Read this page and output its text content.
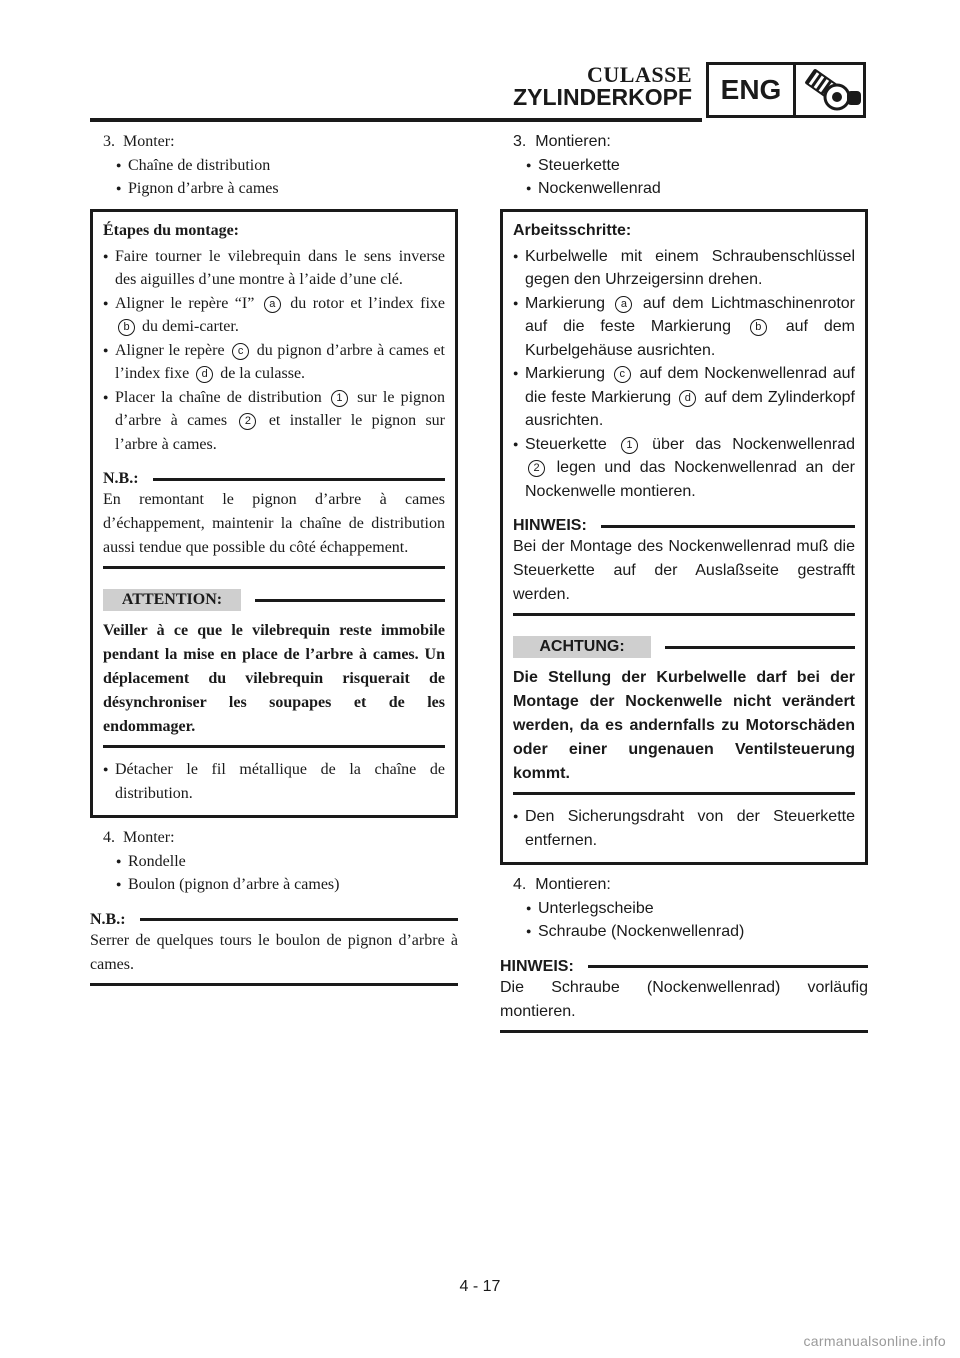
CULASSE
ZYLINDERKOPF	ENG
3.  Monter:
● Chaîne de distribution
● Pignon d’arbre à cames
Étapes du montage:
● Faire tourner le vilebrequin dans le sens inverse des aiguilles d’une montre à l’aide d’une clé.
● Aligner le repère “I” a du rotor et l’index fixe b du demi-carter.
● Aligner le repère c du pignon d’arbre à cames et l’index fixe d de la culasse.
● Placer la chaîne de distribution 1 sur le pignon d’arbre à cames 2 et installer le pignon sur l’arbre à cames.
N.B.:
En remontant le pignon d’arbre à cames d’échappement, maintenir la chaîne de distribution aussi tendue que possible du côté échappement.
ATTENTION:
Veiller à ce que le vilebrequin reste immobile pendant la mise en place de l’arbre à cames. Un déplacement du vilebrequin risquerait de désynchroniser les soupapes et de les endommager.
● Détacher le fil métallique de la chaîne de distribution.
4.  Monter:
● Rondelle
● Boulon (pignon d’arbre à cames)
N.B.:
Serrer de quelques tours le boulon de pignon d’arbre à cames.
3.  Montieren:
● Steuerkette
● Nockenwellenrad
Arbeitsschritte:
● Kurbelwelle mit einem Schraubenschlüssel gegen den Uhrzeigersinn drehen.
● Markierung a auf dem Lichtmaschinenrotor auf die feste Markierung b auf dem Kurbelgehäuse ausrichten.
● Markierung c auf dem Nockenwellenrad auf die feste Markierung d auf dem Zylinderkopf ausrichten.
● Steuerkette 1 über das Nockenwellenrad 2 legen und das Nockenwellenrad an der Nockenwelle montieren.
HINWEIS:
Bei der Montage des Nockenwellenrad muß die Steuerkette auf der Auslaßseite gestrafft werden.
ACHTUNG:
Die Stellung der Kurbelwelle darf bei der Montage der Nockenwelle nicht verändert werden, da es andernfalls zu Motorschäden oder einer ungenauen Ventilsteuerung kommt.
● Den Sicherungsdraht von der Steuerkette entfernen.
4.  Montieren:
● Unterlegscheibe
● Schraube (Nockenwellenrad)
HINWEIS:
Die Schraube (Nockenwellenrad) vorläufig montieren.
4 - 17
carmanualsonline.info
